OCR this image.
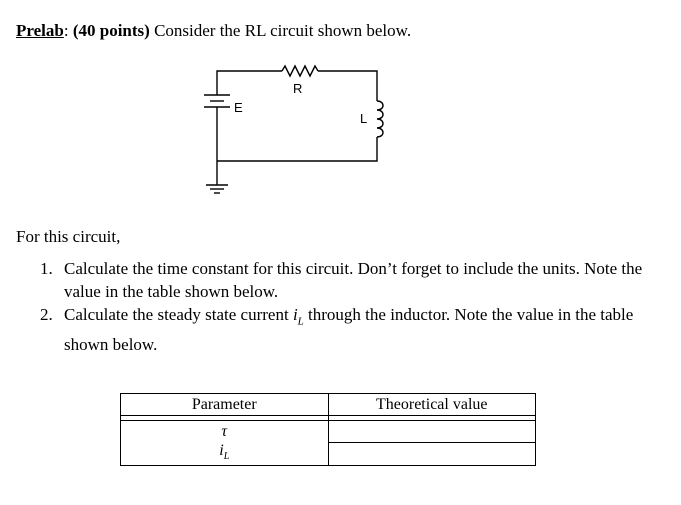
Prelab: (40 points) Consider the RL circuit shown below.
R
L
E
For this circuit,
1. Calculate the time constant for this circuit. Don’t forget to include the units. Note the value in the table shown below.
2. Calculate the steady state current $i_L$ through the inductor. Note the value in the table shown below.
Parameter	Theoretical value

τ	
$i_L$	
